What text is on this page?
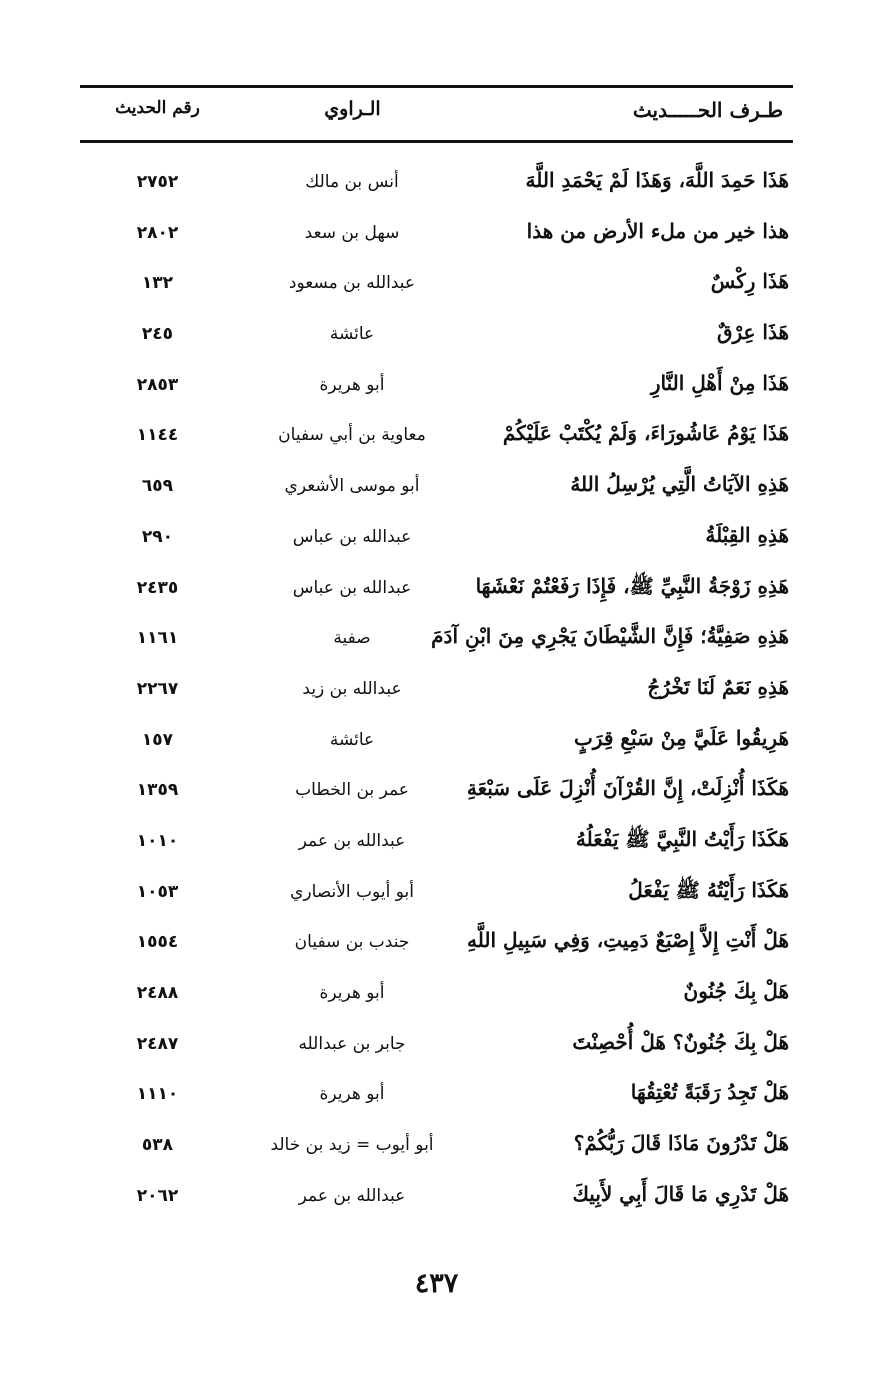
طـرف الحـــــديث
الـراوي
رقم الحديث
هَذَا حَمِدَ اللَّهَ، وَهَذَا لَمْ يَحْمَدِ اللَّهَ
أنس بن مالك
٢٧٥٢
هذا خير من ملء الأرض من هذا
سهل بن سعد
٢٨٠٢
هَذَا رِكْسٌ
عبدالله بن مسعود
١٣٢
هَذَا عِرْقٌ
عائشة
٢٤٥
هَذَا مِنْ أَهْلِ النَّارِ
أبو هريرة
٢٨٥٣
هَذَا يَوْمُ عَاشُورَاءَ، وَلَمْ يُكْتَبْ عَلَيْكُمْ
معاوية بن أبي سفيان
١١٤٤
هَذِهِ الآيَاتُ الَّتِي يُرْسِلُ اللهُ
أبو موسى الأشعري
٦٥٩
هَذِهِ القِبْلَةُ
عبدالله بن عباس
٢٩٠
هَذِهِ زَوْجَةُ النَّبِيِّ ﷺ، فَإِذَا رَفَعْتُمْ نَعْشَهَا
عبدالله بن عباس
٢٤٣٥
هَذِهِ صَفِيَّةُ؛ فَإِنَّ الشَّيْطَانَ يَجْرِي مِنَ ابْنِ آدَمَ
صفية
١١٦١
هَذِهِ نَعَمٌ لَنَا تَخْرُجُ
عبدالله بن زيد
٢٢٦٧
هَرِيقُوا عَلَيَّ مِنْ سَبْعِ قِرَبٍ
عائشة
١٥٧
هَكَذَا أُنْزِلَتْ، إِنَّ القُرْآنَ أُنْزِلَ عَلَى سَبْعَةِ
عمر بن الخطاب
١٣٥٩
هَكَذَا رَأَيْتُ النَّبِيَّ ﷺ يَفْعَلُهُ
عبدالله بن عمر
١٠١٠
هَكَذَا رَأَيْتُهُ ﷺ يَفْعَلُ
أبو أيوب الأنصاري
١٠٥٣
هَلْ أَنْتِ إِلاَّ إِصْبَعٌ دَمِيتِ، وَفِي سَبِيلِ اللَّهِ
جندب بن سفيان
١٥٥٤
هَلْ بِكَ جُنُونٌ
أبو هريرة
٢٤٨٨
هَلْ بِكَ جُنُونٌ؟ هَلْ أُحْصِنْتَ
جابر بن عبدالله
٢٤٨٧
هَلْ تَجِدُ رَقَبَةً تُعْتِقُهَا
أبو هريرة
١١١٠
هَلْ تَدْرُونَ مَاذَا قَالَ رَبُّكُمْ؟
أبو أيوب = زيد بن خالد
٥٣٨
هَلْ تَدْرِي مَا قَالَ أَبِي لأَبِيكَ
عبدالله بن عمر
٢٠٦٢
٤٣٧
